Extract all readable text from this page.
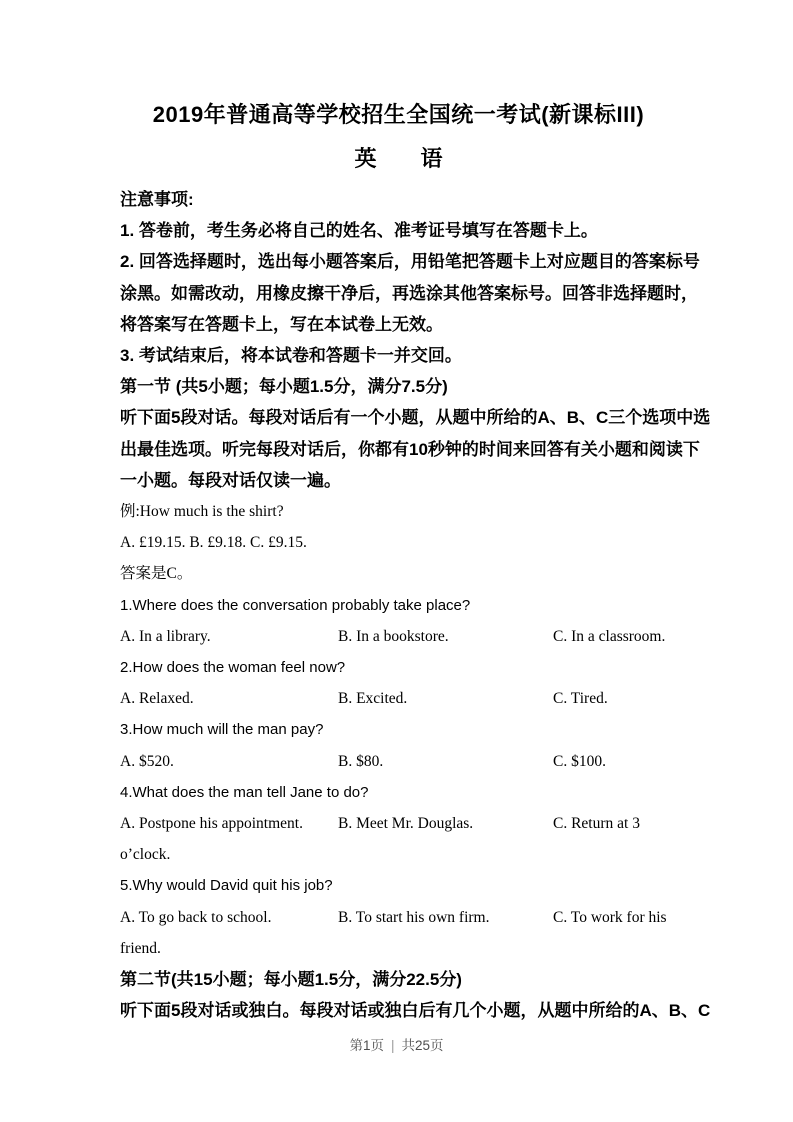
2019年普通高等学校招生全国统一考试(新课标III)
英　　语
注意事项:
1. 答卷前，考生务必将自己的姓名、准考证号填写在答题卡上。
2. 回答选择题时，选出每小题答案后，用铅笔把答题卡上对应题目的答案标号
涂黑。如需改动，用橡皮擦干净后，再选涂其他答案标号。回答非选择题时，
将答案写在答题卡上，写在本试卷上无效。
3. 考试结束后，将本试卷和答题卡一并交回。
第一节 (共5小题；每小题1.5分，满分7.5分)
听下面5段对话。每段对话后有一个小题，从题中所给的A、B、C三个选项中选
出最佳选项。听完每段对话后，你都有10秒钟的时间来回答有关小题和阅读下
一小题。每段对话仅读一遍。
例:How much is the shirt?
A. £19.15. B. £9.18. C. £9.15.
答案是C。
1.Where does the conversation probably take place?
A. In a library.	B. In a bookstore.	C. In a classroom.
2.How does the woman feel now?
A. Relaxed.	B. Excited.	C. Tired.
3.How much will the man pay?
A. $520.	B. $80.	C. $100.
4.What does the man tell Jane to do?
A. Postpone his appointment. B. Meet Mr. Douglas.	C. Return at 3
o’clock.
5.Why would David quit his job?
A. To go back to school.	B. To start his own firm.	C. To work for his
friend.
第二节(共15小题；每小题1.5分，满分22.5分)
听下面5段对话或独白。每段对话或独白后有几个小题，从题中所给的A、B、C
第1页 | 共25页
